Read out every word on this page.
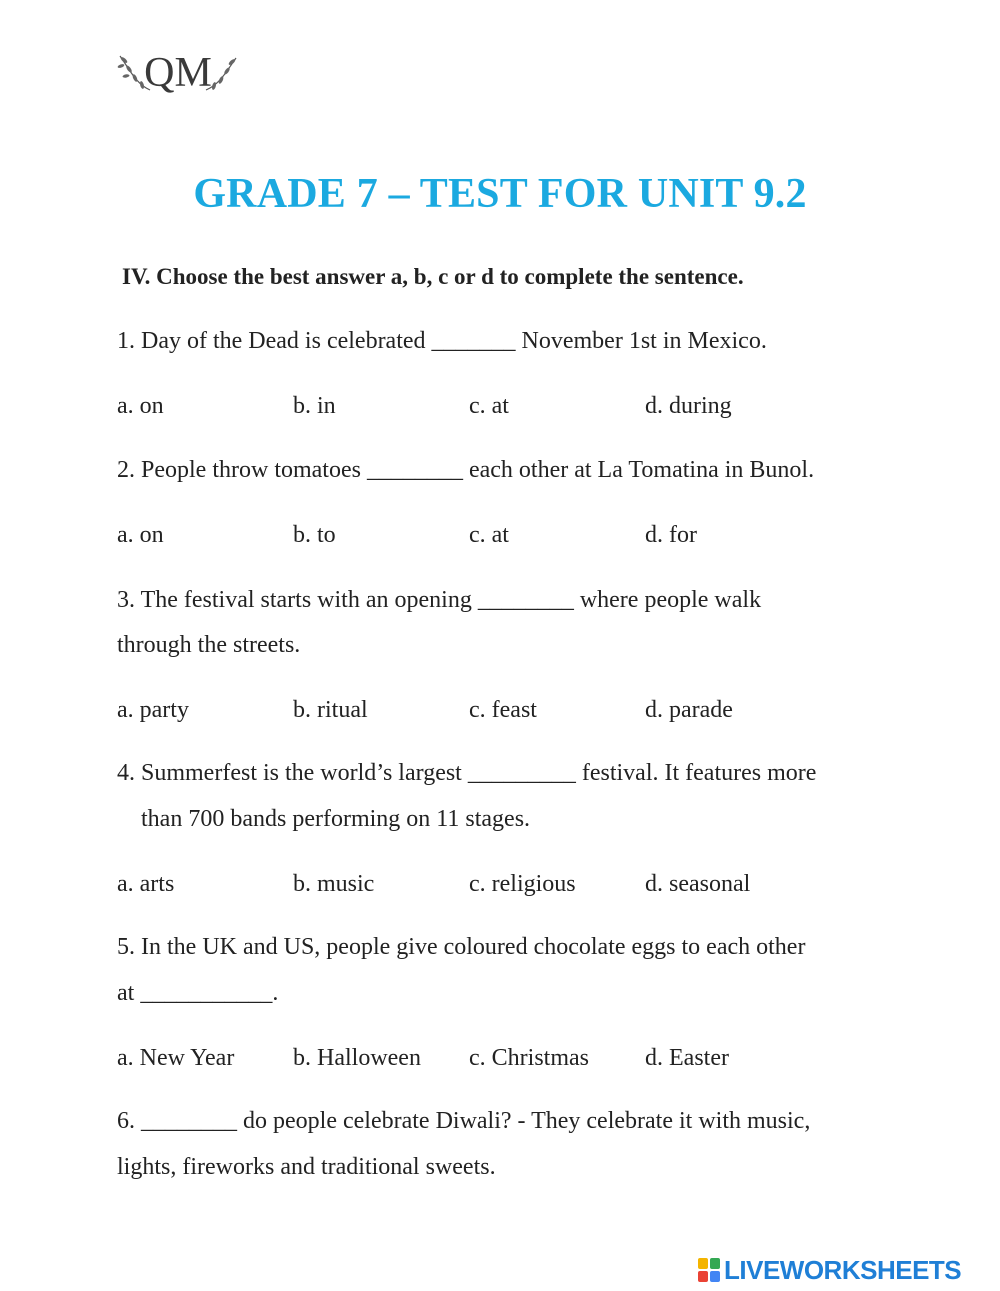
QM
GRADE 7 – TEST FOR UNIT 9.2
IV. Choose the best answer a, b, c or d to complete the sentence.
1. Day of the Dead is celebrated _______ November 1st in Mexico.
a. on	b. in	c. at	d. during
2. People throw tomatoes ________ each other at La Tomatina in Bunol.
a. on	b. to	c. at	d. for
3. The festival starts with an opening ________ where people walk
through the streets.
a. party	b. ritual	c. feast	d. parade
4. Summerfest is the world’s largest _________ festival. It features more
than 700 bands performing on 11 stages.
a. arts	b. music	c. religious	d. seasonal
5. In the UK and US, people give coloured chocolate eggs to each other
at ___________.
a. New Year b. Halloween c. Christmas d. Easter
6. ________ do people celebrate Diwali? - They celebrate it with music,
lights, fireworks and traditional sweets.
LIVEWORKSHEETS
